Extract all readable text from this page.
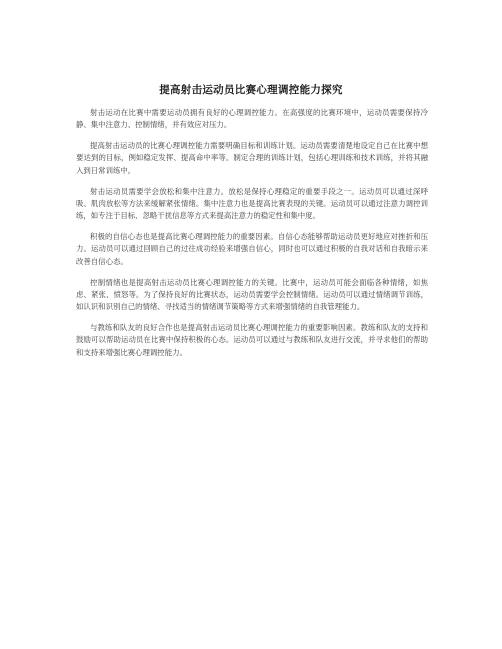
提高射击运动员比赛心理调控能力探究

射击运动在比赛中需要运动员拥有良好的心理调控能力。在高强度的比赛环境中，运动员需要保持冷静、集中注意力、控制情绪，并有效应对压力。

提高射击运动员的比赛心理调控能力需要明确目标和训练计划。运动员需要清楚地设定自己在比赛中想要达到的目标，例如稳定发挥、提高命中率等。制定合理的训练计划，包括心理训练和技术训练，并将其融入到日常训练中。

射击运动员需要学会放松和集中注意力。放松是保持心理稳定的重要手段之一。运动员可以通过深呼吸、肌肉放松等方法来缓解紧张情绪。集中注意力也是提高比赛表现的关键。运动员可以通过注意力调控训练，如专注于目标、忽略干扰信息等方式来提高注意力的稳定性和集中度。

积极的自信心态也是提高比赛心理调控能力的重要因素。自信心态能够帮助运动员更好地应对挫折和压力。运动员可以通过回顾自己的过往成功经验来增强自信心，同时也可以通过积极的自我对话和自我暗示来改善自信心态。

控制情绪也是提高射击运动员比赛心理调控能力的关键。比赛中，运动员可能会面临各种情绪，如焦虑、紧张、愤怒等。为了保持良好的比赛状态，运动员需要学会控制情绪。运动员可以通过情绪调节训练，如认识和识别自己的情绪、寻找适当的情绪调节策略等方式来增强情绪的自我管理能力。

与教练和队友的良好合作也是提高射击运动员比赛心理调控能力的重要影响因素。教练和队友的支持和鼓励可以帮助运动员在比赛中保持积极的心态。运动员可以通过与教练和队友进行交流，并寻求他们的帮助和支持来增强比赛心理调控能力。
